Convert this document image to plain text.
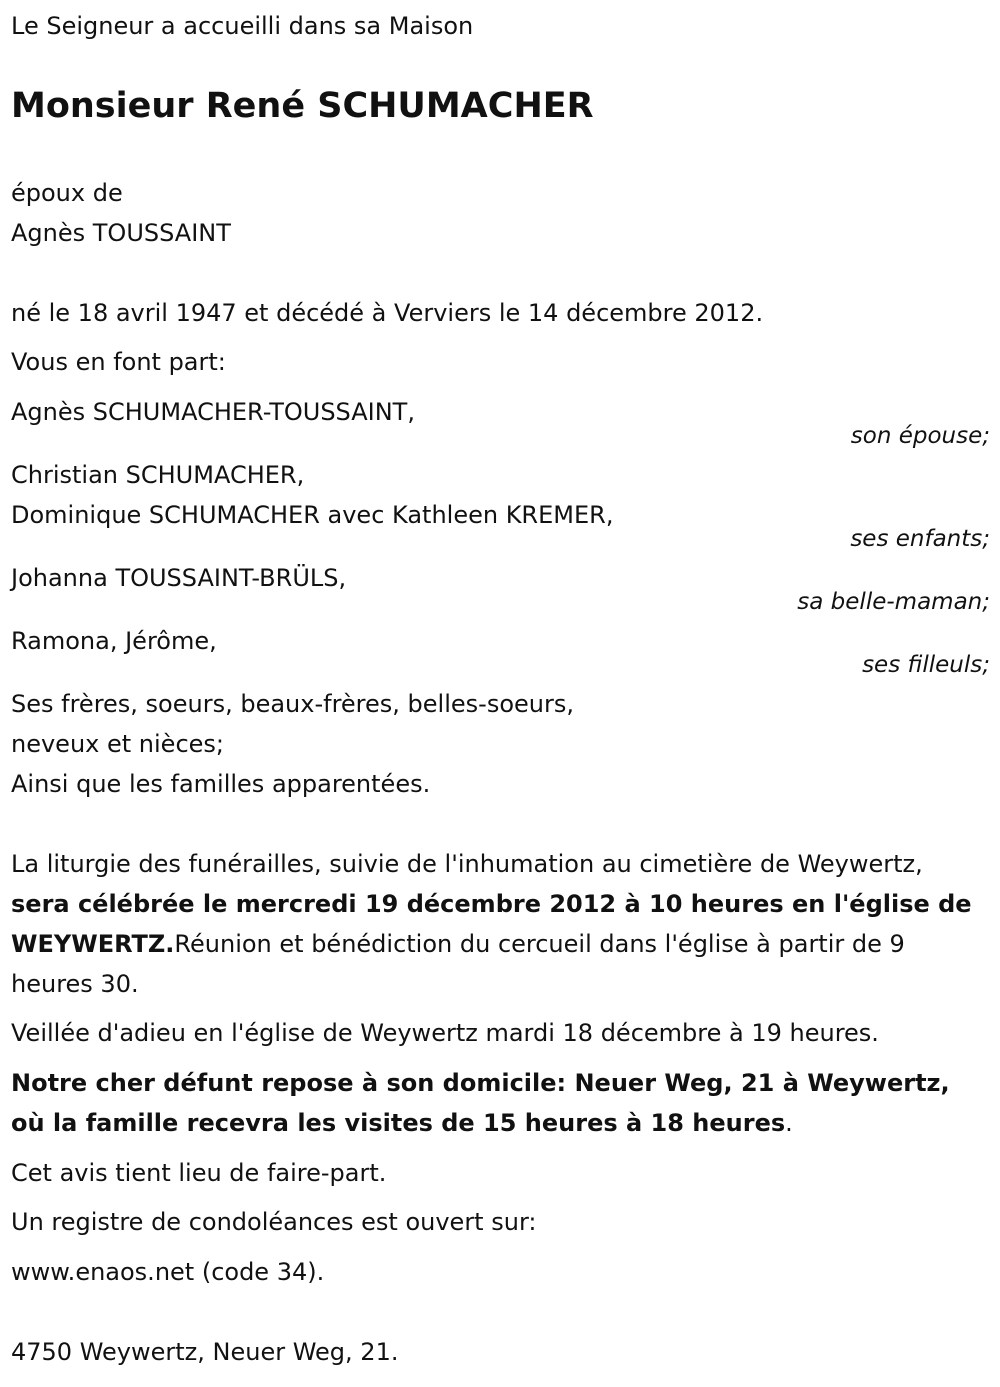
Le Seigneur a accueilli dans sa Maison
Monsieur René SCHUMACHER
époux de
Agnès TOUSSAINT
né le 18 avril 1947 et décédé à Verviers le 14 décembre 2012.
Vous en font part:
Agnès SCHUMACHER-TOUSSAINT,
son épouse;
Christian SCHUMACHER,
Dominique SCHUMACHER avec Kathleen KREMER,
ses enfants;
Johanna TOUSSAINT-BRÜLS,
sa belle-maman;
Ramona, Jérôme,
ses filleuls;
Ses frères, soeurs, beaux-frères, belles-soeurs,
neveux et nièces;
Ainsi que les familles apparentées.
La liturgie des funérailles, suivie de l'inhumation au cimetière de Weywertz, sera célébrée le mercredi 19 décembre 2012 à 10 heures en l'église de WEYWERTZ.Réunion et bénédiction du cercueil dans l'église à partir de 9 heures 30.
Veillée d'adieu en l'église de Weywertz mardi 18 décembre à 19 heures.
Notre cher défunt repose à son domicile: Neuer Weg, 21 à Weywertz, où la famille recevra les visites de 15 heures à 18 heures.
Cet avis tient lieu de faire-part.
Un registre de condoléances est ouvert sur:
www.enaos.net (code 34).
4750 Weywertz, Neuer Weg, 21.
